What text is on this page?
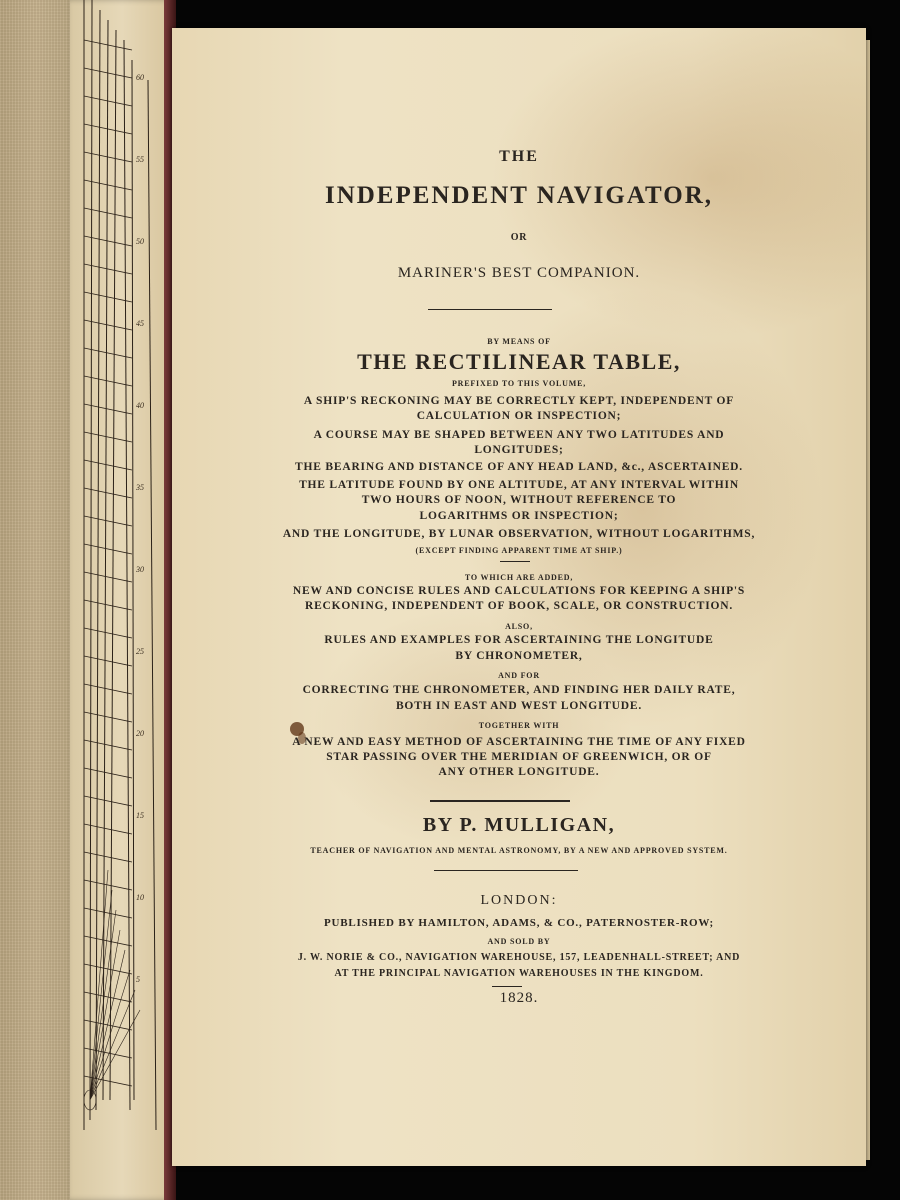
60
55
50
45
40
35
30
25
20
15
10
5
THE
INDEPENDENT NAVIGATOR,
OR
MARINER'S BEST COMPANION.
BY MEANS OF
THE RECTILINEAR TABLE,
PREFIXED TO THIS VOLUME,
A SHIP'S RECKONING MAY BE CORRECTLY KEPT, INDEPENDENT OF
CALCULATION OR INSPECTION;
A COURSE MAY BE SHAPED BETWEEN ANY TWO LATITUDES AND
LONGITUDES;
THE BEARING AND DISTANCE OF ANY HEAD LAND, &c., ASCERTAINED.
THE LATITUDE FOUND BY ONE ALTITUDE, AT ANY INTERVAL WITHIN
TWO HOURS OF NOON, WITHOUT REFERENCE TO
LOGARITHMS OR INSPECTION;
AND THE LONGITUDE, BY LUNAR OBSERVATION, WITHOUT LOGARITHMS,
(EXCEPT FINDING APPARENT TIME AT SHIP.)
TO WHICH ARE ADDED,
NEW AND CONCISE RULES AND CALCULATIONS FOR KEEPING A SHIP'S
RECKONING, INDEPENDENT OF BOOK, SCALE, OR CONSTRUCTION.
ALSO,
RULES AND EXAMPLES FOR ASCERTAINING THE LONGITUDE
BY CHRONOMETER,
AND FOR
CORRECTING THE CHRONOMETER, AND FINDING HER DAILY RATE,
BOTH IN EAST AND WEST LONGITUDE.
TOGETHER WITH
A NEW AND EASY METHOD OF ASCERTAINING THE TIME OF ANY FIXED
STAR PASSING OVER THE MERIDIAN OF GREENWICH, OR OF
ANY OTHER LONGITUDE.
BY P. MULLIGAN,
TEACHER OF NAVIGATION AND MENTAL ASTRONOMY, BY A NEW AND APPROVED SYSTEM.
LONDON:
PUBLISHED BY HAMILTON, ADAMS, & CO., PATERNOSTER-ROW;
AND SOLD BY
J. W. NORIE & CO., NAVIGATION WAREHOUSE, 157, LEADENHALL-STREET; AND
AT THE PRINCIPAL NAVIGATION WAREHOUSES IN THE KINGDOM.
1828.
